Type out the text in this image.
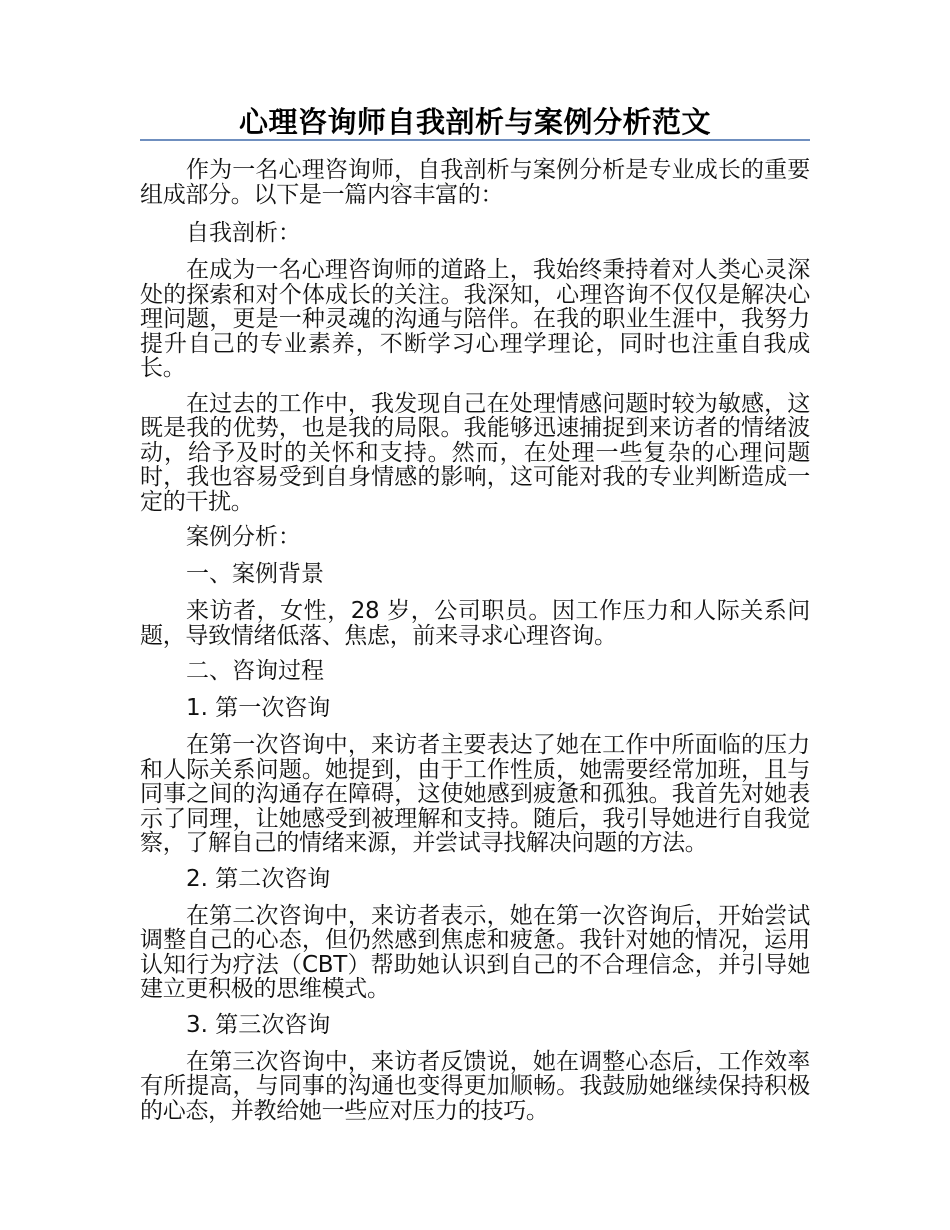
心理咨询师自我剖析与案例分析范文

作为一名心理咨询师，自我剖析与案例分析是专业成长的重要组成部分。以下是一篇内容丰富的：

自我剖析：

在成为一名心理咨询师的道路上，我始终秉持着对人类心灵深处的探索和对个体成长的关注。我深知，心理咨询不仅仅是解决心理问题，更是一种灵魂的沟通与陪伴。在我的职业生涯中，我努力提升自己的专业素养，不断学习心理学理论，同时也注重自我成长。

在过去的工作中，我发现自己在处理情感问题时较为敏感，这既是我的优势，也是我的局限。我能够迅速捕捉到来访者的情绪波动，给予及时的关怀和支持。然而，在处理一些复杂的心理问题时，我也容易受到自身情感的影响，这可能对我的专业判断造成一定的干扰。

案例分析：

一、案例背景

来访者，女性，28 岁，公司职员。因工作压力和人际关系问题，导致情绪低落、焦虑，前来寻求心理咨询。

二、咨询过程

1. 第一次咨询

在第一次咨询中，来访者主要表达了她在工作中所面临的压力和人际关系问题。她提到，由于工作性质，她需要经常加班，且与同事之间的沟通存在障碍，这使她感到疲惫和孤独。我首先对她表示了同理，让她感受到被理解和支持。随后，我引导她进行自我觉察，了解自己的情绪来源，并尝试寻找解决问题的方法。

2. 第二次咨询

在第二次咨询中，来访者表示，她在第一次咨询后，开始尝试调整自己的心态，但仍然感到焦虑和疲惫。我针对她的情况，运用认知行为疗法（CBT）帮助她认识到自己的不合理信念，并引导她建立更积极的思维模式。

3. 第三次咨询

在第三次咨询中，来访者反馈说，她在调整心态后，工作效率有所提高，与同事的沟通也变得更加顺畅。我鼓励她继续保持积极的心态，并教给她一些应对压力的技巧。
